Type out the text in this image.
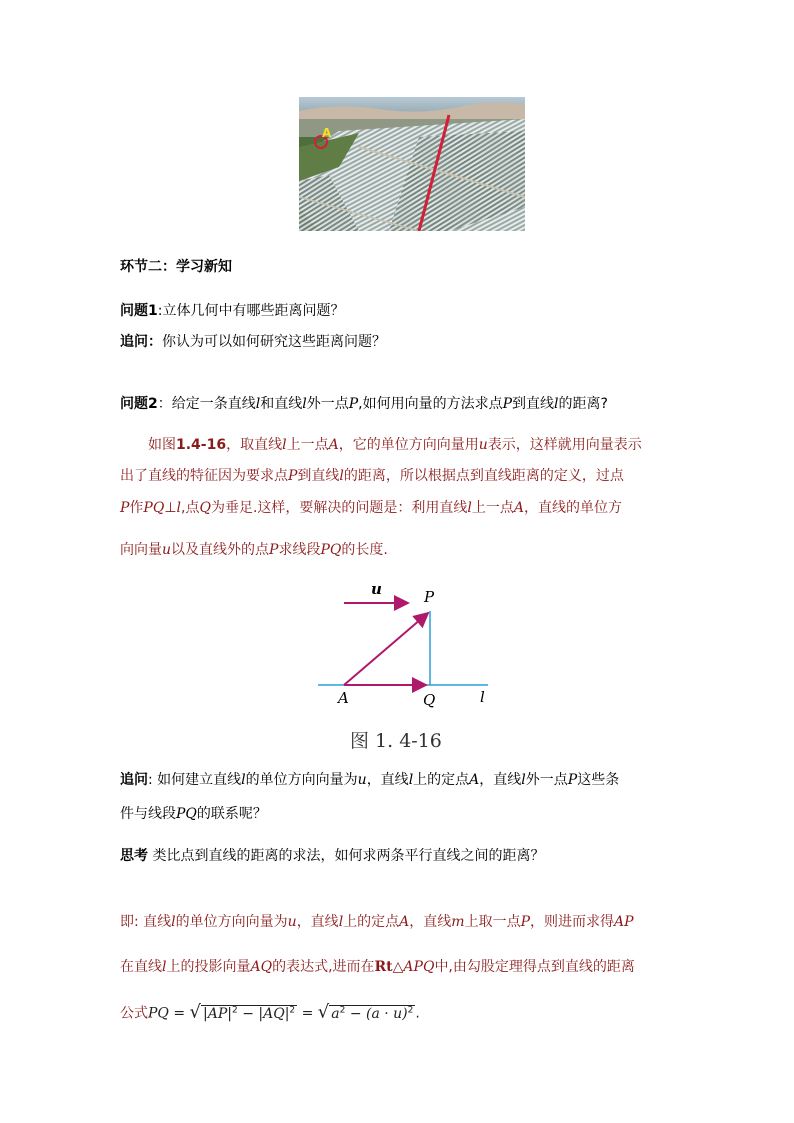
A
环节二：学习新知
问题1:立体几何中有哪些距离问题？
追问：你认为可以如何研究这些距离问题？
问题2：给定一条直线l和直线l外一点P,如何用向量的方法求点P到直线l的距离?
如图1.4-16，取直线l上一点A，它的单位方向向量用u表示，这样就用向量表示
出了直线的特征因为要求点P到直线l的距离，所以根据点到直线距离的定义，过点
P作PQ⊥l,点Q为垂足.这样，要解决的问题是：利用直线l上一点A，直线的单位方
向向量u以及直线外的点P求线段PQ的长度.
u	P
A	Q	l
图 1. 4-16
追问: 如何建立直线l的单位方向向量为u，直线l上的定点A，直线l外一点P这些条
件与线段PQ的联系呢？
思考 类比点到直线的距离的求法，如何求两条平行直线之间的距离？
即: 直线l的单位方向向量为u，直线l上的定点A，直线m上取一点P，则进而求得AP
在直线l上的投影向量AQ的表达式,进而在Rt△APQ中,由勾股定理得点到直线的距离
公式PQ = √ $|AP|^2 - |AQ|^2$ = √ $a^2 - (a \cdot u)^2$ .
